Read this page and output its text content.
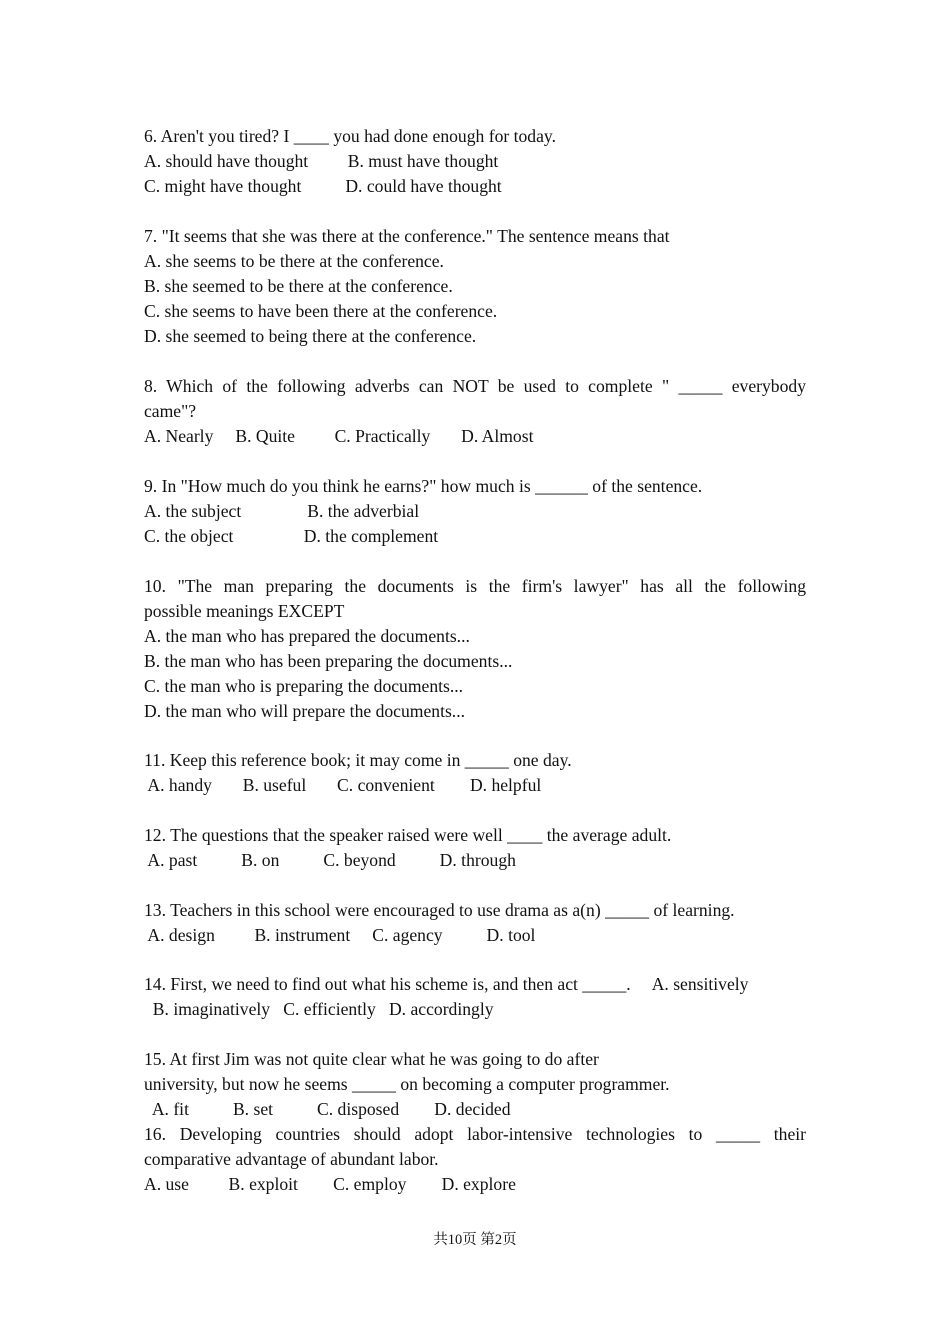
6. Aren't you tired? I ____ you had done enough for today.
A. should have thought         B. must have thought
C. might have thought          D. could have thought
7. "It seems that she was there at the conference." The sentence means that
A. she seems to be there at the conference.
B. she seemed to be there at the conference.
C. she seems to have been there at the conference.
D. she seemed to being there at the conference.
8. Which of the following adverbs can NOT be used to complete " _____ everybody
came"?
A. Nearly     B. Quite         C. Practically       D. Almost
9. In "How much do you think he earns?" how much is ______ of the sentence.
A. the subject               B. the adverbial
C. the object                D. the complement
10. "The man preparing the documents is the firm's lawyer" has all the following
possible meanings EXCEPT
A. the man who has prepared the documents...
B. the man who has been preparing the documents...
C. the man who is preparing the documents...
D. the man who will prepare the documents...
11. Keep this reference book; it may come in _____ one day.
A. handy       B. useful       C. convenient        D. helpful
12. The questions that the speaker raised were well ____ the average adult.
A. past          B. on          C. beyond          D. through
13. Teachers in this school were encouraged to use drama as a(n) _____ of learning.
A. design         B. instrument     C. agency          D. tool
14. First, we need to find out what his scheme is, and then act _____.     A. sensitively
B. imaginatively   C. efficiently   D. accordingly
15. At first Jim was not quite clear what he was going to do after
university, but now he seems _____ on becoming a computer programmer.
A. fit          B. set          C. disposed        D. decided
16. Developing countries should adopt labor-intensive technologies to _____ their
comparative advantage of abundant labor.
A. use         B. exploit        C. employ        D. explore
共10页 第2页
